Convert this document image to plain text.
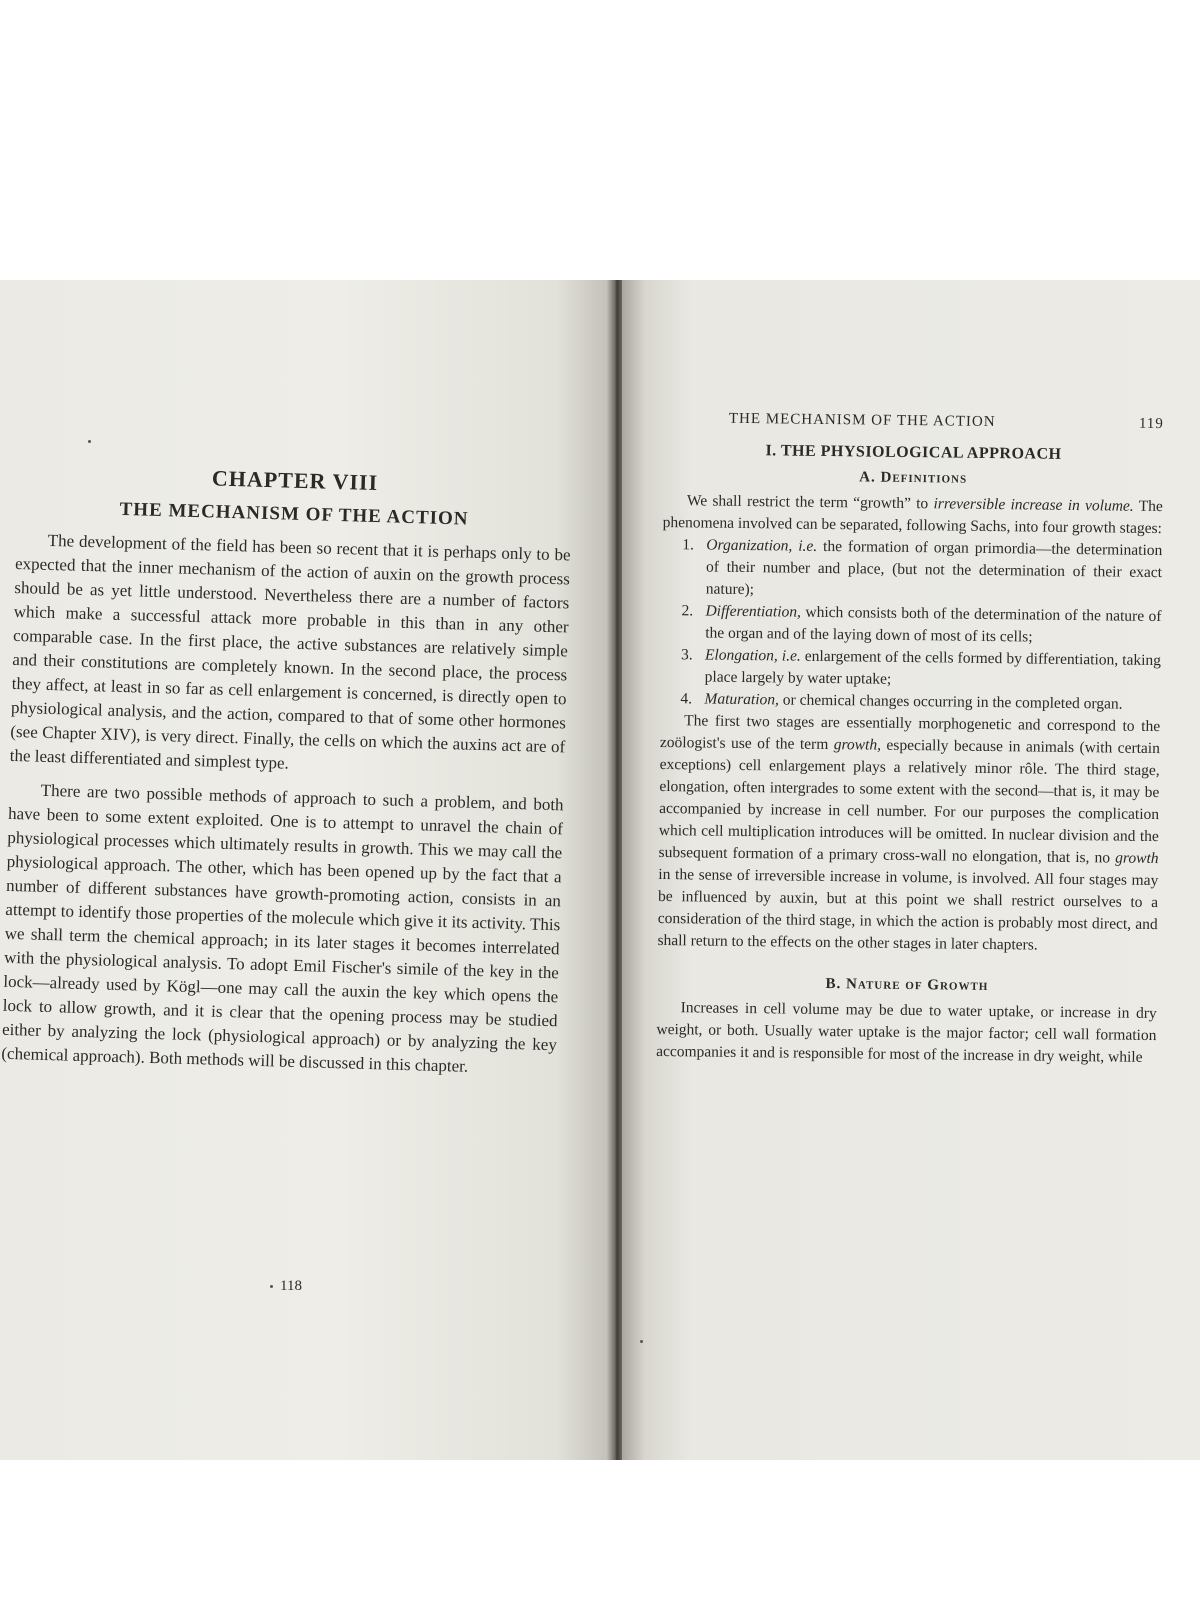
CHAPTER VIII
THE MECHANISM OF THE ACTION

The development of the field has been so recent that it is perhaps only to be expected that the inner mechanism of the action of auxin on the growth process should be as yet little understood. Nevertheless there are a number of factors which make a successful attack more probable in this than in any other comparable case. In the first place, the active substances are relatively simple and their constitutions are completely known. In the second place, the process they affect, at least in so far as cell enlargement is concerned, is directly open to physiological analysis, and the action, compared to that of some other hormones (see Chapter XIV), is very direct. Finally, the cells on which the auxins act are of the least differentiated and simplest type.

There are two possible methods of approach to such a problem, and both have been to some extent exploited. One is to attempt to unravel the chain of physiological processes which ultimately results in growth. This we may call the physiological approach. The other, which has been opened up by the fact that a number of different substances have growth-promoting action, consists in an attempt to identify those properties of the molecule which give it its activity. This we shall term the chemical approach; in its later stages it becomes interrelated with the physiological analysis. To adopt Emil Fischer's simile of the key in the lock—already used by Kögl—one may call the auxin the key which opens the lock to allow growth, and it is clear that the opening process may be studied either by analyzing the lock (physiological approach) or by analyzing the key (chemical approach). Both methods will be discussed in this chapter.

118
THE MECHANISM OF THE ACTION	119
I. THE PHYSIOLOGICAL APPROACH
A. Definitions

We shall restrict the term “growth” to irreversible increase in volume. The phenomena involved can be separated, following Sachs, into four growth stages:

1. Organization, i.e. the formation of organ primordia—the determination of their number and place, (but not the determination of their exact nature);
2. Differentiation, which consists both of the determination of the nature of the organ and of the laying down of most of its cells;
3. Elongation, i.e. enlargement of the cells formed by differentiation, taking place largely by water uptake;
4. Maturation, or chemical changes occurring in the completed organ.

The first two stages are essentially morphogenetic and correspond to the zoölogist's use of the term growth, especially because in animals (with certain exceptions) cell enlargement plays a relatively minor rôle. The third stage, elongation, often intergrades to some extent with the second—that is, it may be accompanied by increase in cell number. For our purposes the complication which cell multiplication introduces will be omitted. In nuclear division and the subsequent formation of a primary cross-wall no elongation, that is, no growth in the sense of irreversible increase in volume, is involved. All four stages may be influenced by auxin, but at this point we shall restrict ourselves to a consideration of the third stage, in which the action is probably most direct, and shall return to the effects on the other stages in later chapters.

B. Nature of Growth

Increases in cell volume may be due to water uptake, or increase in dry weight, or both. Usually water uptake is the major factor; cell wall formation accompanies it and is responsible for most of the increase in dry weight, while
